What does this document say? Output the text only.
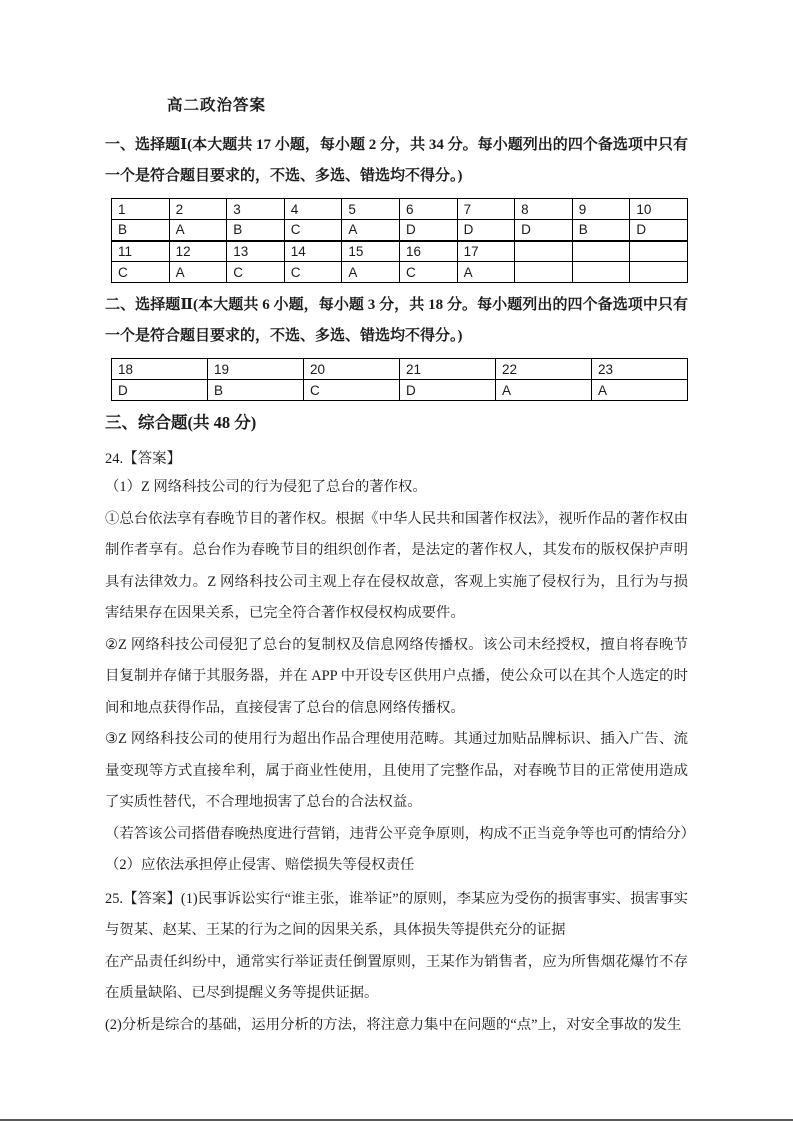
高二政治答案
一、选择题Ⅰ(本大题共 17 小题，每小题 2 分，共 34 分。每小题列出的四个备选项中只有一个是符合题目要求的，不选、多选、错选均不得分。)
1	2	3	4	5	6	7	8	9	10
B	A	B	C	A	D	D	D	B	D
11	12	13	14	15	16	17			
C	A	C	C	A	C	A			
二、选择题Ⅱ(本大题共 6 小题，每小题 3 分，共 18 分。每小题列出的四个备选项中只有一个是符合题目要求的，不选、多选、错选均不得分。)
18	19	20	21	22	23
D	B	C	D	A	A
三、综合题(共 48 分)
24.【答案】

（1）Z 网络科技公司的行为侵犯了总台的著作权。

①总台依法享有春晚节目的著作权。根据《中华人民共和国著作权法》，视听作品的著作权由制作者享有。总台作为春晚节目的组织创作者，是法定的著作权人，其发布的版权保护声明具有法律效力。Z 网络科技公司主观上存在侵权故意，客观上实施了侵权行为，且行为与损害结果存在因果关系，已完全符合著作权侵权构成要件。

②Z 网络科技公司侵犯了总台的复制权及信息网络传播权。该公司未经授权，擅自将春晚节目复制并存储于其服务器，并在 APP 中开设专区供用户点播，使公众可以在其个人选定的时间和地点获得作品，直接侵害了总台的信息网络传播权。

③Z 网络科技公司的使用行为超出作品合理使用范畴。其通过加贴品牌标识、插入广告、流量变现等方式直接牟利，属于商业性使用，且使用了完整作品，对春晚节目的正常使用造成了实质性替代，不合理地损害了总台的合法权益。

（若答该公司搭借春晚热度进行营销，违背公平竞争原则，构成不正当竞争等也可酌情给分）

（2）应依法承担停止侵害、赔偿损失等侵权责任

25.【答案】(1)民事诉讼实行“谁主张，谁举证”的原则，李某应为受伤的损害事实、损害事实与贺某、赵某、王某的行为之间的因果关系，具体损失等提供充分的证据

在产品责任纠纷中，通常实行举证责任倒置原则，王某作为销售者，应为所售烟花爆竹不存在质量缺陷、已尽到提醒义务等提供证据。

(2)分析是综合的基础，运用分析的方法，将注意力集中在问题的“点”上，对安全事故的发生
